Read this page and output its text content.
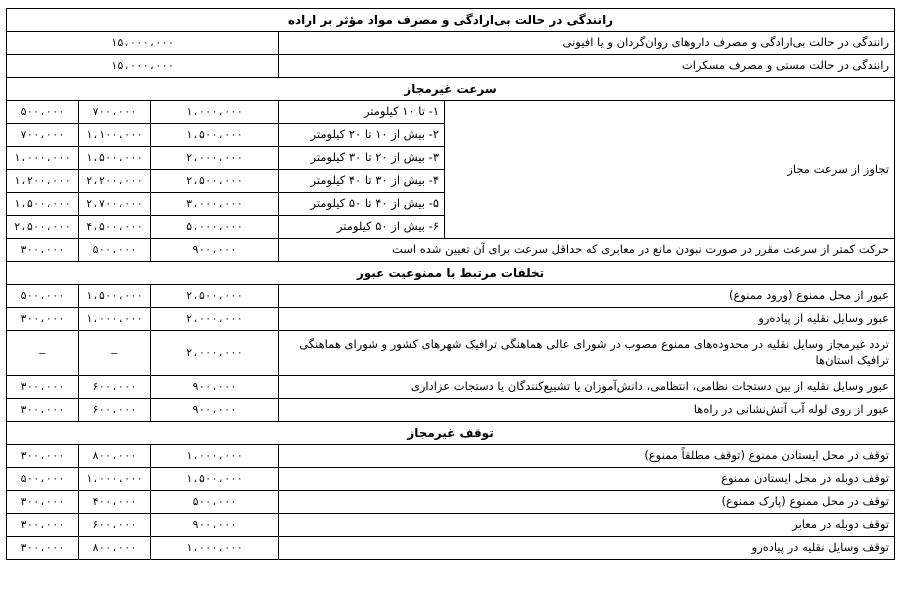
رانندگی در حالت بی‌ارادگی و مصرف مواد مؤثر بر اراده				
۱۵،۰۰۰،۰۰۰			رانندگی در حالت بی‌ارادگی و مصرف داروهای روان‌گردان و یا افیونی	
۱۵،۰۰۰،۰۰۰			رانندگی در حالت مستی و مصرف مسکرات	
سرعت غیرمجاز				
۵۰۰،۰۰۰	۷۰۰،۰۰۰	۱،۰۰۰،۰۰۰	۱- تا ۱۰ کیلومتر	تجاوز از سرعت مجاز
۷۰۰،۰۰۰	۱،۱۰۰،۰۰۰	۱،۵۰۰،۰۰۰	۲- بیش از ۱۰ تا ۲۰ کیلومتر	
۱،۰۰۰،۰۰۰	۱،۵۰۰،۰۰۰	۲،۰۰۰،۰۰۰	۳- بیش از ۲۰ تا ۳۰ کیلومتر	
۱،۲۰۰،۰۰۰	۲،۲۰۰،۰۰۰	۲،۵۰۰،۰۰۰	۴- بیش از ۳۰ تا ۴۰ کیلومتر	
۱،۵۰۰،۰۰۰	۲،۷۰۰،۰۰۰	۳،۰۰۰،۰۰۰	۵- بیش از ۴۰ تا ۵۰ کیلومتر	
۲،۵۰۰،۰۰۰	۴،۵۰۰،۰۰۰	۵،۰۰۰،۰۰۰	۶- بیش از ۵۰ کیلومتر	
۳۰۰،۰۰۰	۵۰۰،۰۰۰	۹۰۰،۰۰۰	حرکت کمتر از سرعت مقرر در صورت نبودن مانع در معابری که حداقل سرعت برای آن تعیین شده است	
تخلفات مرتبط با ممنوعیت عبور				
۵۰۰،۰۰۰	۱،۵۰۰،۰۰۰	۲،۵۰۰،۰۰۰	عبور از محل ممنوع (ورود ممنوع)	
۳۰۰،۰۰۰	۱،۰۰۰،۰۰۰	۲،۰۰۰،۰۰۰	عبور وسایل نقلیه از پیاده‌رو	
—	—	۲،۰۰۰،۰۰۰	تردد غیرمجاز وسایل نقلیه در محدوده‌های ممنوع مصوب در شورای عالی هماهنگی ترافیک شهرهای کشور و شورای هماهنگی ترافیک استان‌ها	
۳۰۰،۰۰۰	۶۰۰،۰۰۰	۹۰۰،۰۰۰	عبور وسایل نقلیه از بین دستجات نظامی، انتظامی، دانش‌آموزان یا تشییع‌کنندگان یا دستجات عزاداری	
۳۰۰،۰۰۰	۶۰۰،۰۰۰	۹۰۰،۰۰۰	عبور از روی لوله آب آتش‌نشانی در راه‌ها	
توقف غیرمجاز				
۳۰۰،۰۰۰	۸۰۰،۰۰۰	۱،۰۰۰،۰۰۰	توقف در محل ایستادن ممنوع (توقف مطلقاً ممنوع)	
۵۰۰،۰۰۰	۱،۰۰۰،۰۰۰	۱،۵۰۰،۰۰۰	توقف دوبله در محل ایستادن ممنوع	
۳۰۰،۰۰۰	۴۰۰،۰۰۰	۵۰۰،۰۰۰	توقف در محل ممنوع (پارک ممنوع)	
۳۰۰،۰۰۰	۶۰۰،۰۰۰	۹۰۰،۰۰۰	توقف دوبله در معابر	
۳۰۰،۰۰۰	۸۰۰،۰۰۰	۱،۰۰۰،۰۰۰	توقف وسایل نقلیه در پیاده‌رو	
